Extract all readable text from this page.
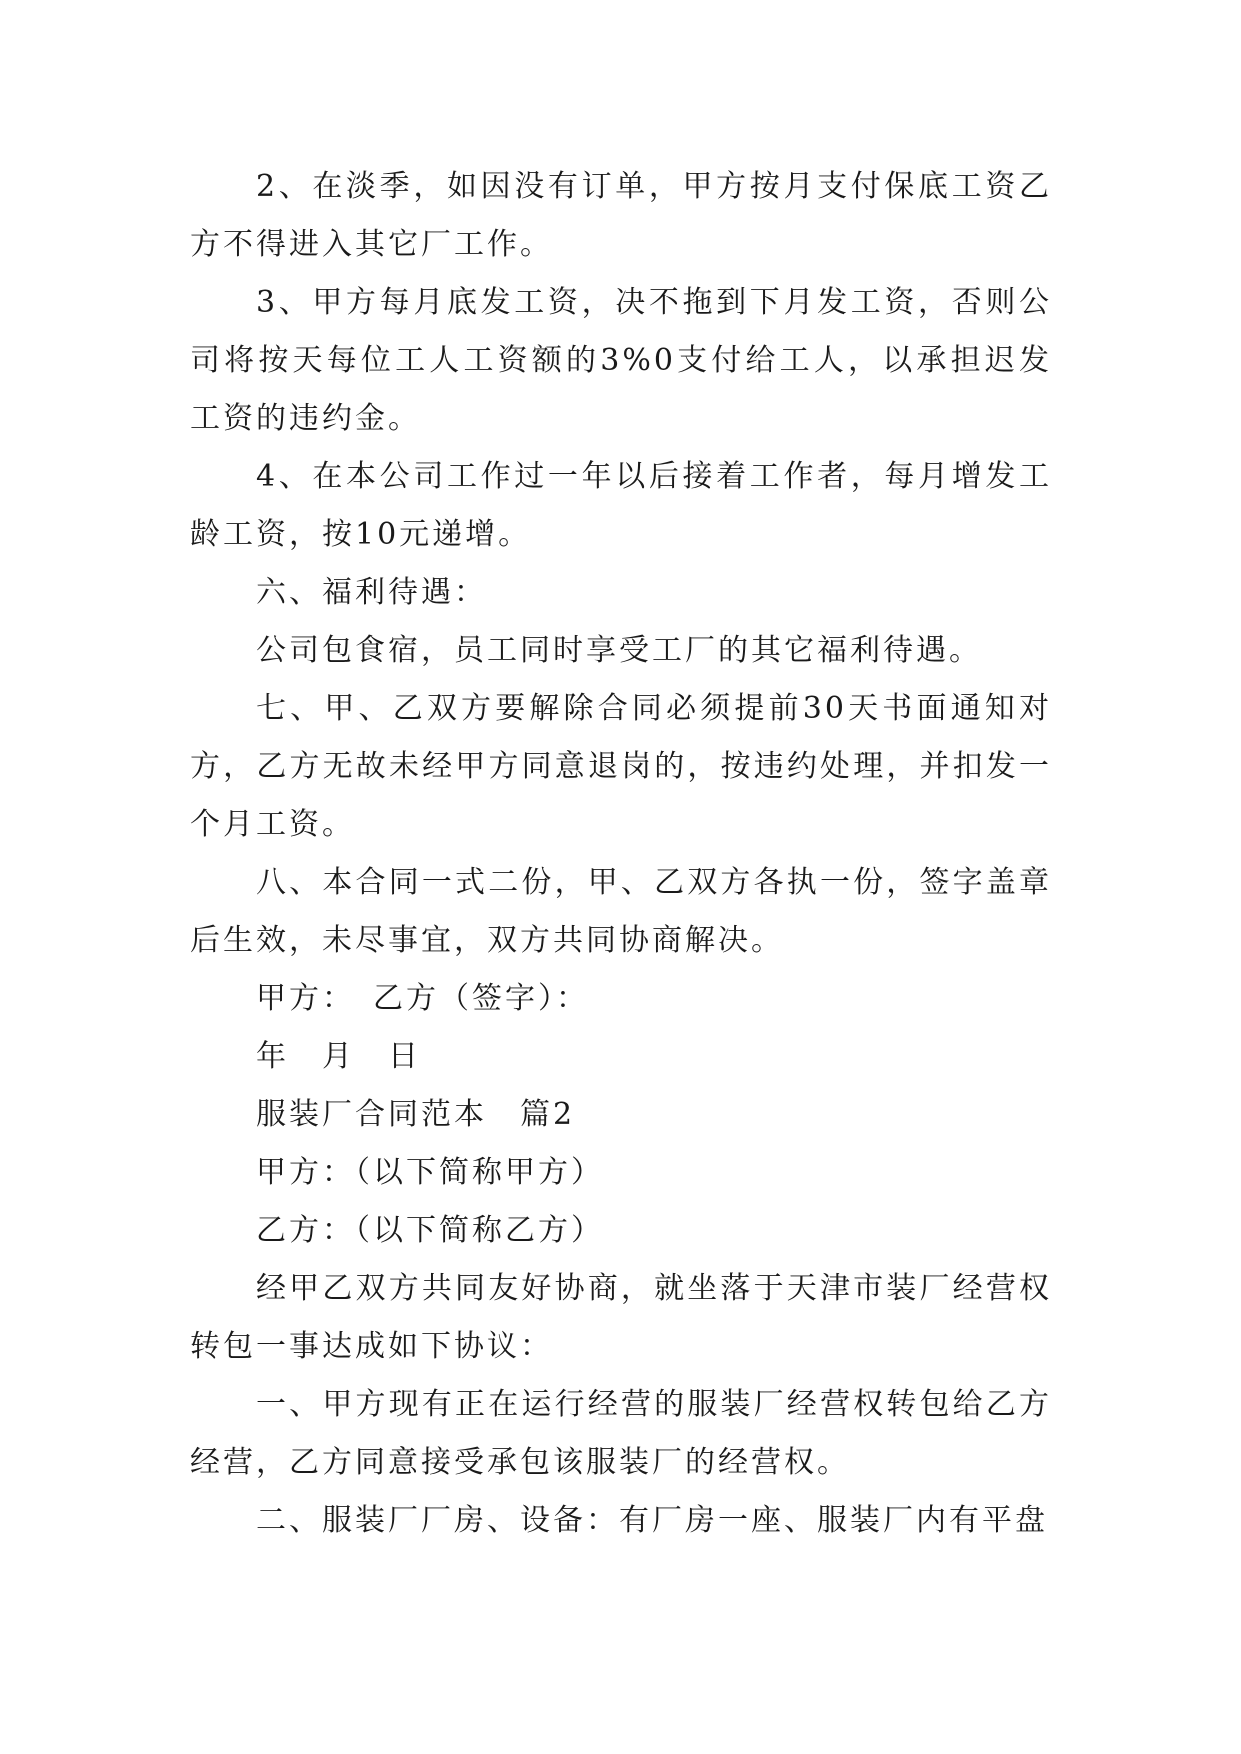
2、在淡季，如因没有订单，甲方按月支付保底工资乙方不得进入其它厂工作。

3、甲方每月底发工资，决不拖到下月发工资，否则公司将按天每位工人工资额的3%0支付给工人，以承担迟发工资的违约金。

4、在本公司工作过一年以后接着工作者，每月增发工龄工资，按10元递增。

六、福利待遇：

公司包食宿，员工同时享受工厂的其它福利待遇。

七、甲、乙双方要解除合同必须提前30天书面通知对方，乙方无故未经甲方同意退岗的，按违约处理，并扣发一个月工资。

八、本合同一式二份，甲、乙双方各执一份，签字盖章后生效，未尽事宜，双方共同协商解决。

甲方：　乙方（签字）：

年　月　日

服装厂合同范本　篇2

甲方：（以下简称甲方）

乙方：（以下简称乙方）

经甲乙双方共同友好协商，就坐落于天津市装厂经营权转包一事达成如下协议：

一、甲方现有正在运行经营的服装厂经营权转包给乙方经营，乙方同意接受承包该服装厂的经营权。

二、服装厂厂房、设备：有厂房一座、服装厂内有平盘
